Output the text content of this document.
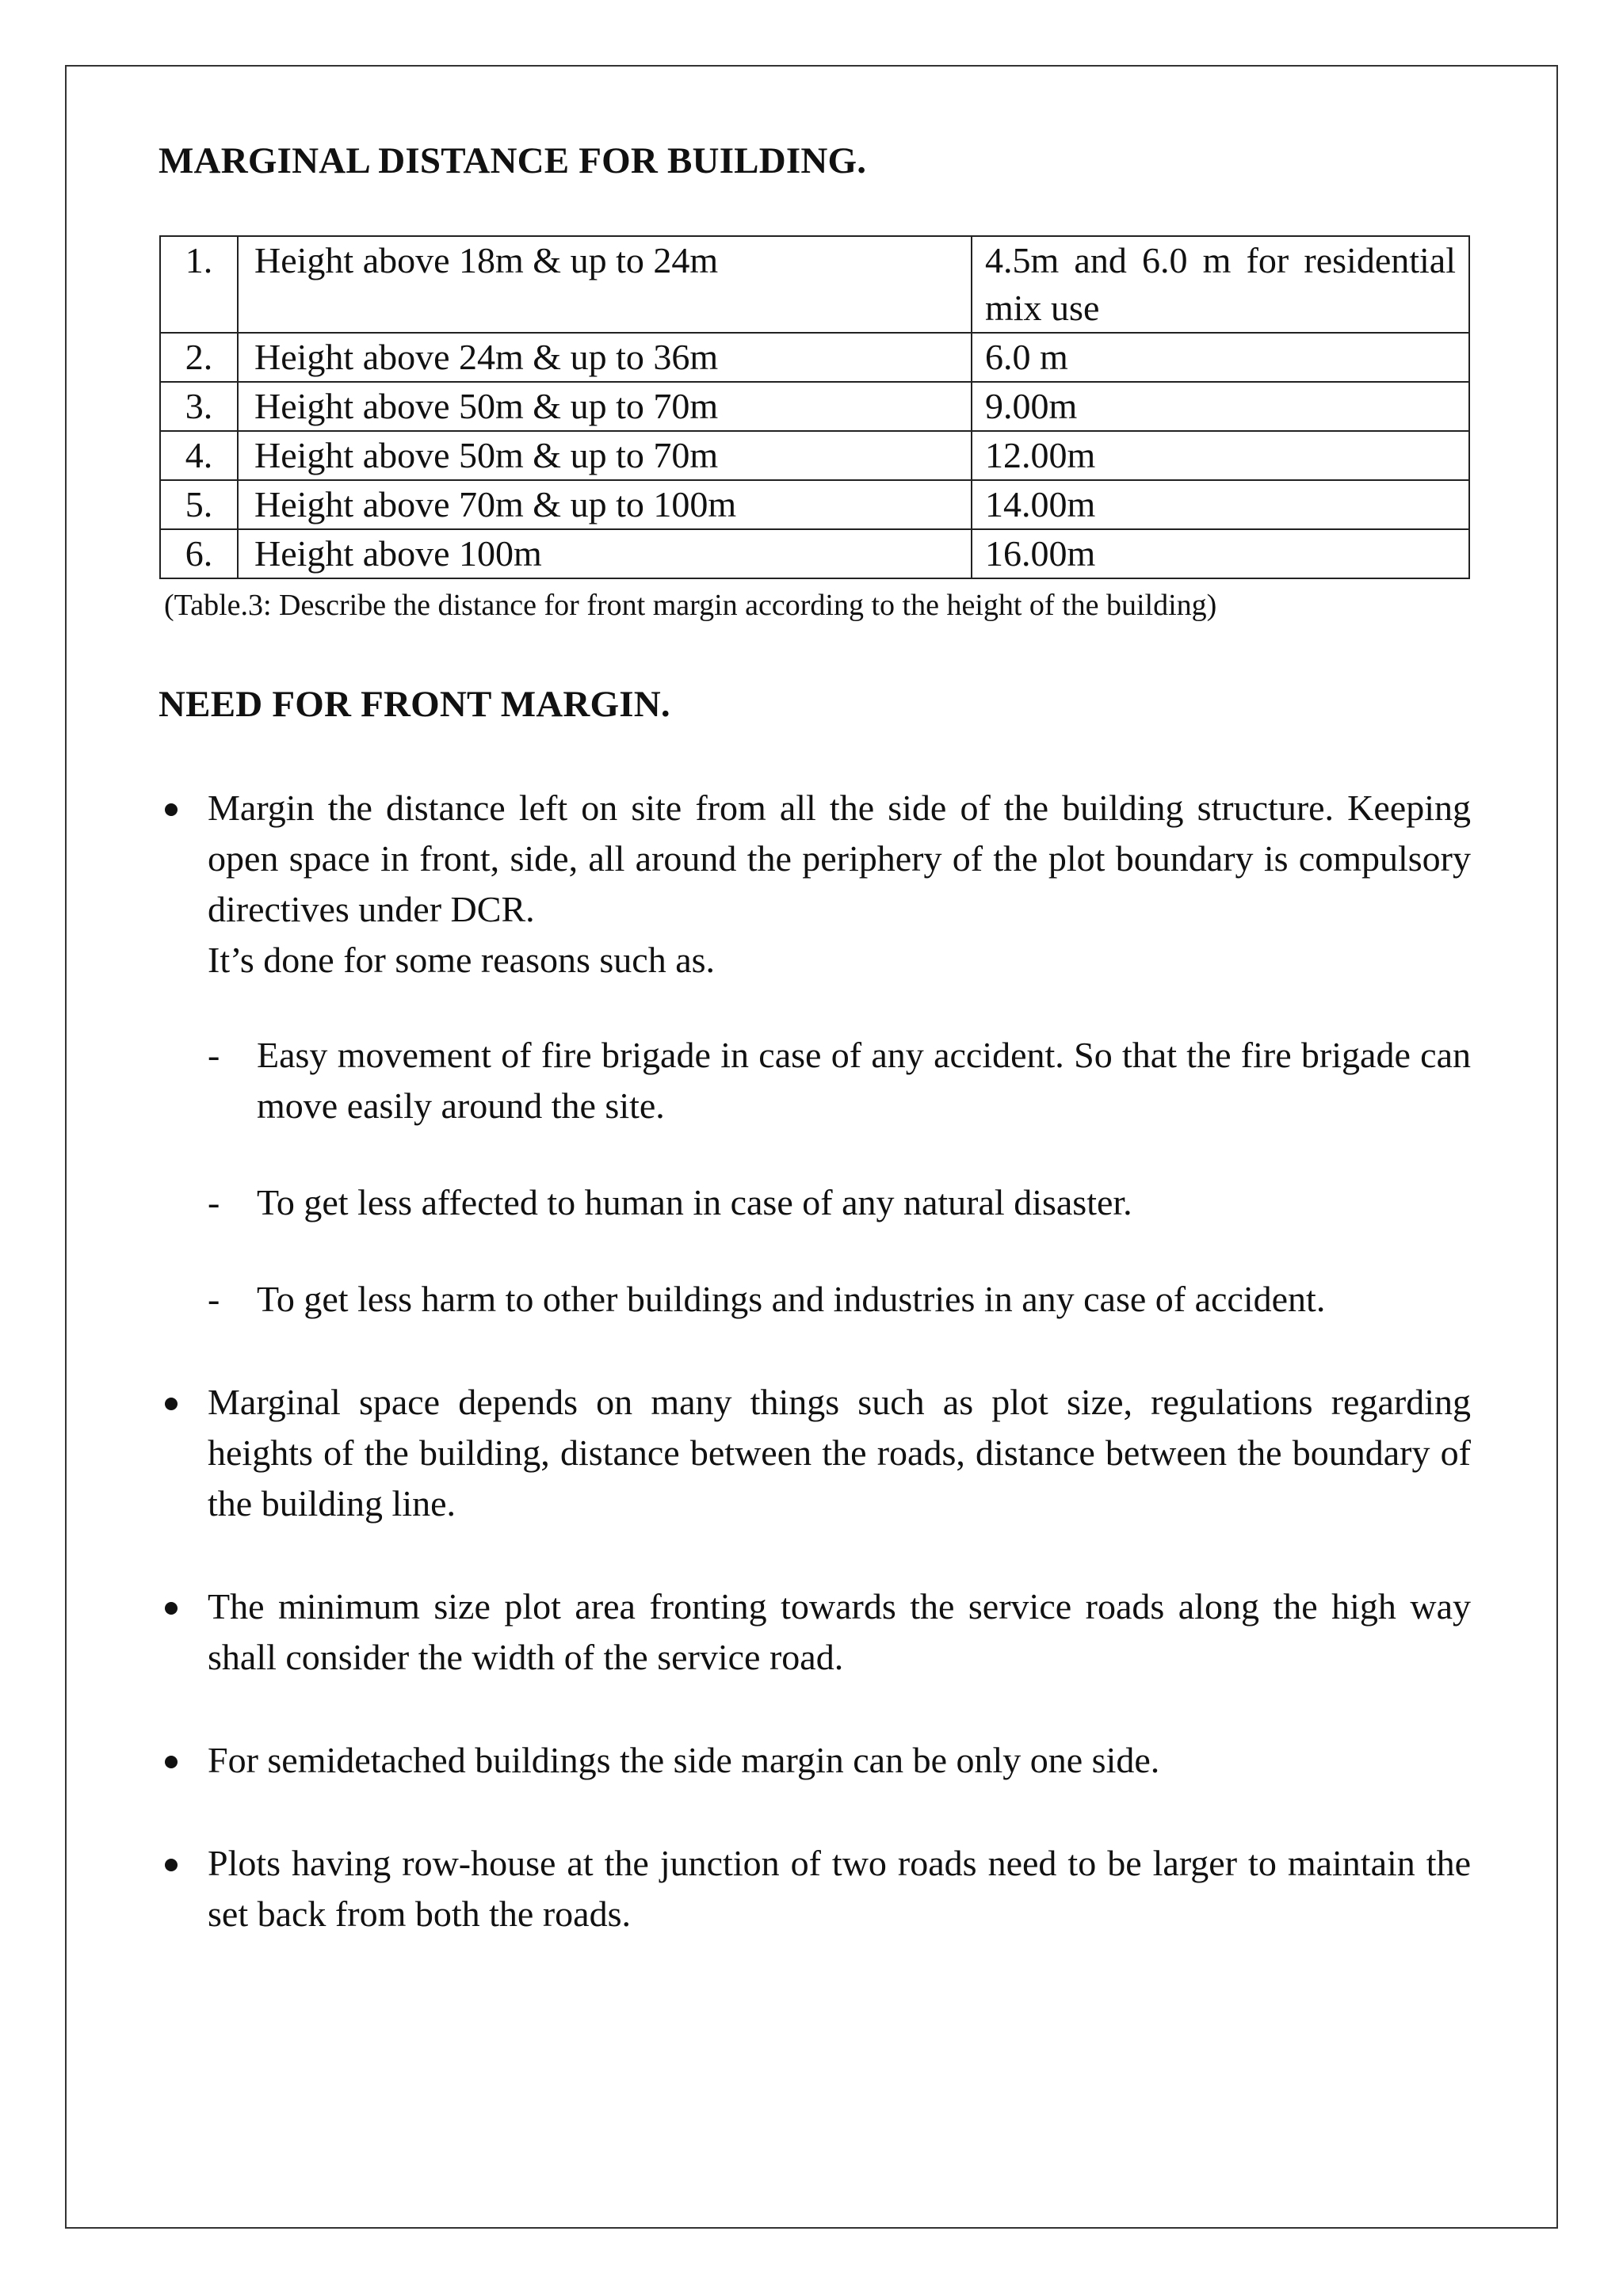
MARGINAL DISTANCE FOR BUILDING.
1.	Height above 18m & up to 24m	4.5m and 6.0 m for residential mix use
2.	Height above 24m & up to 36m	6.0 m
3.	Height above 50m & up to 70m	9.00m
4.	Height above 50m & up to 70m	12.00m
5.	Height above 70m & up to 100m	14.00m
6.	Height above 100m	16.00m

(Table.3: Describe the distance for front margin according to the height of the building)

NEED FOR FRONT MARGIN.

Margin the distance left on site from all the side of the building structure. Keeping open space in front, side, all around the periphery of the plot boundary is compulsory directives under DCR.

It’s done for some reasons such as.

- Easy movement of fire brigade in case of any accident. So that the fire brigade can move easily around the site.
- To get less affected to human in case of any natural disaster.
- To get less harm to other buildings and industries in any case of accident.

Marginal space depends on many things such as plot size, regulations regarding heights of the building, distance between the roads, distance between the boundary of the building line.

The minimum size plot area fronting towards the service roads along the high way shall consider the width of the service road.

For semidetached buildings the side margin can be only one side.

Plots having row-house at the junction of two roads need to be larger to maintain the set back from both the roads.
